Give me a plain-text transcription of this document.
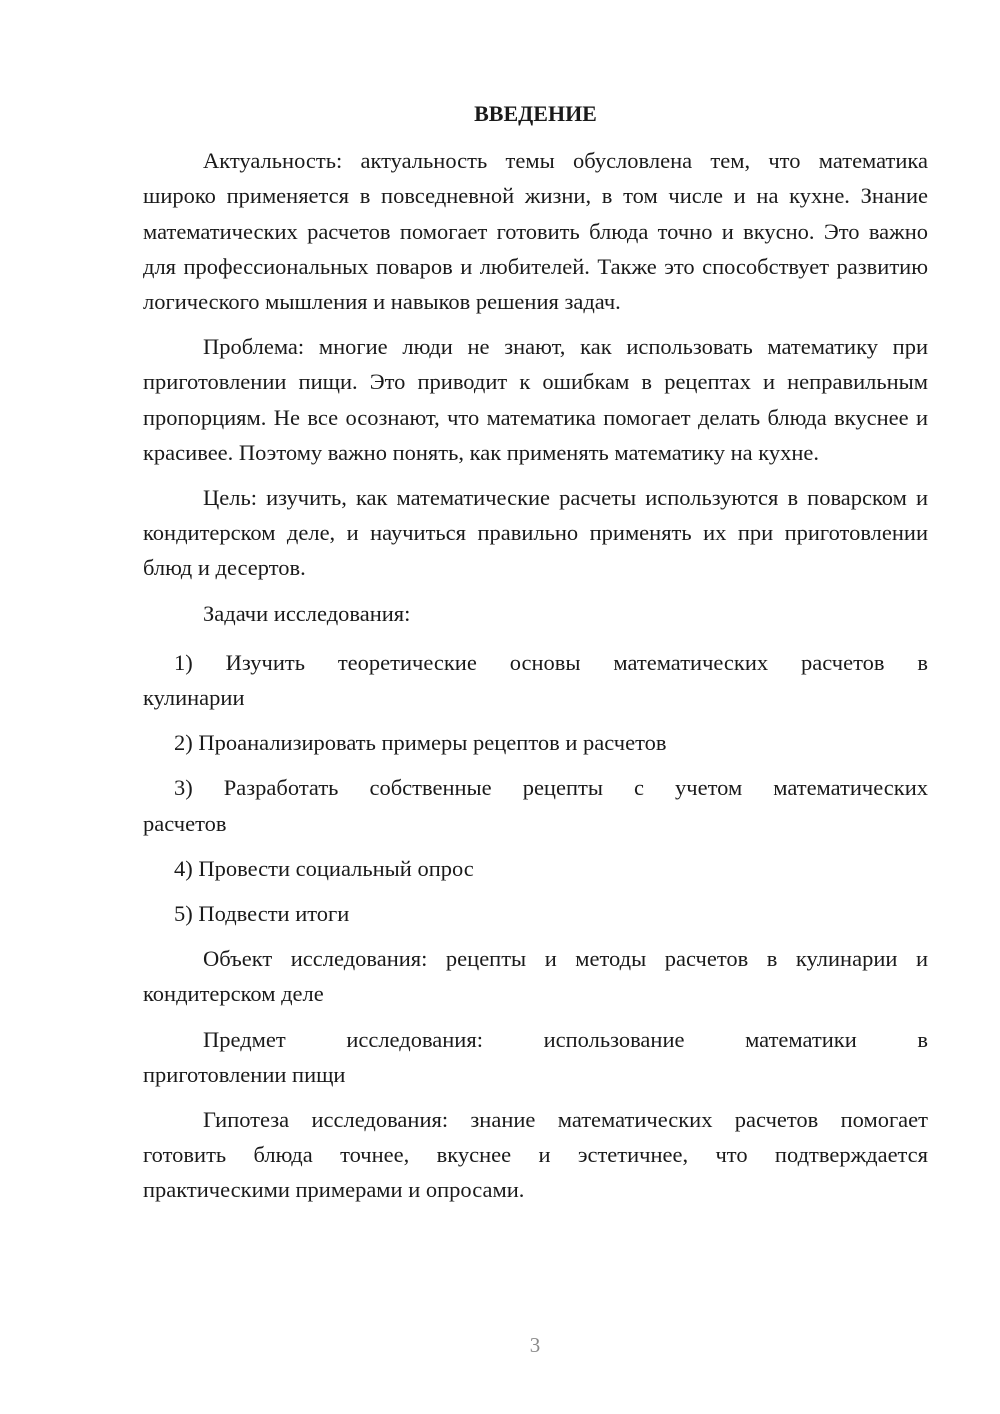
ВВЕДЕНИЕ

Актуальность: актуальность темы обусловлена тем, что математика широко применяется в повседневной жизни, в том числе и на кухне. Знание математических расчетов помогает готовить блюда точно и вкусно. Это важно для профессиональных поваров и любителей. Также это способствует развитию логического мышления и навыков решения задач.

Проблема: многие люди не знают, как использовать математику при приготовлении пищи. Это приводит к ошибкам в рецептах и неправильным пропорциям. Не все осознают, что математика помогает делать блюда вкуснее и красивее. Поэтому важно понять, как применять математику на кухне.

Цель: изучить, как математические расчеты используются в поварском и кондитерском деле, и научиться правильно применять их при приготовлении блюд и десертов.

Задачи исследования:

1) Изучить теоретические основы математических расчетов в
кулинарии

2) Проанализировать примеры рецептов и расчетов

3) Разработать собственные рецепты с учетом математических
расчетов

4) Провести социальный опрос

5) Подвести итоги

Объект исследования: рецепты и методы расчетов в кулинарии и кондитерском деле

Предмет исследования: использование математики в
приготовлении пищи

Гипотеза исследования: знание математических расчетов помогает готовить блюда точнее, вкуснее и эстетичнее, что подтверждается практическими примерами и опросами.

3
